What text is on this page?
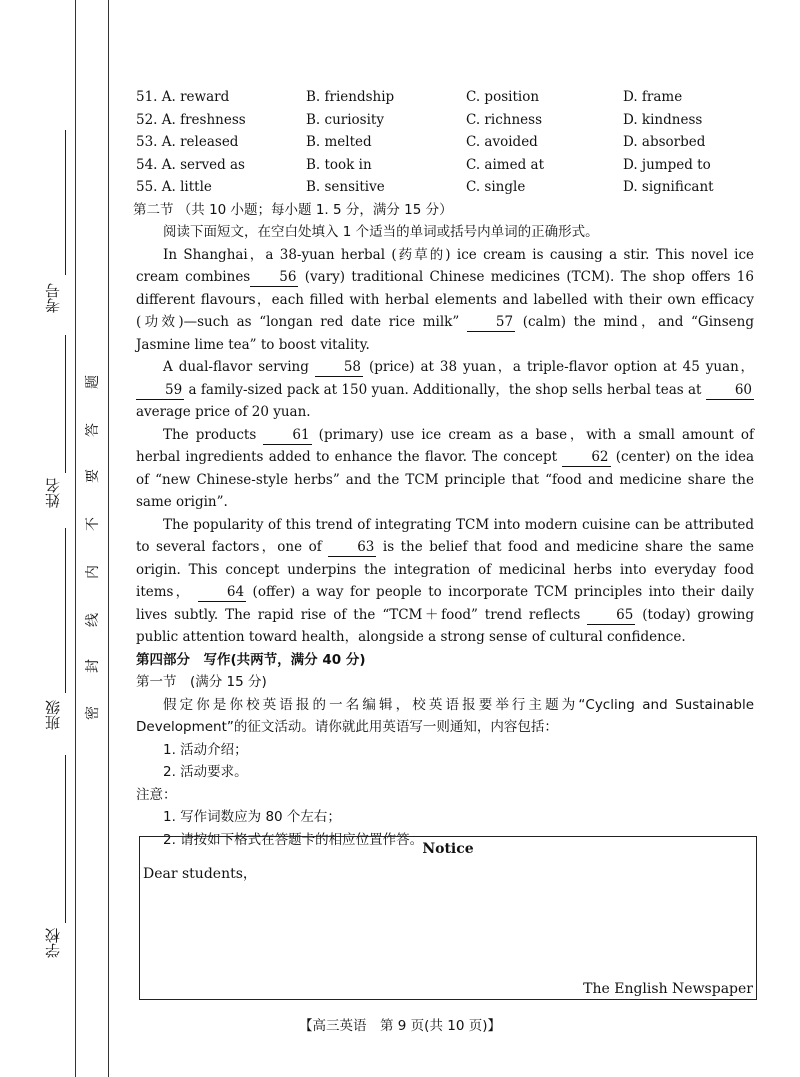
考号
姓名
班级
学校
题
答
要
不
内
线
封
密
51. A. reward	B. friendship	C. position	D. frame
52. A. freshness	B. curiosity	C. richness	D. kindness
53. A. released	B. melted	C. avoided	D. absorbed
54. A. served as	B. took in	C. aimed at	D. jumped to
55. A. little	B. sensitive	C. single	D. significant

第二节 （共 10 小题；每小题 1. 5 分，满分 15 分）

阅读下面短文，在空白处填入 1 个适当的单词或括号内单词的正确形式。

In Shanghai，a 38-yuan herbal (药草的) ice cream is causing a stir. This novel ice cream combines 56 (vary) traditional Chinese medicines (TCM). The shop offers 16 different flavours，each filled with herbal elements and labelled with their own efficacy (功效)—such as “longan red date rice milk”	57 (calm) the mind，and “Ginseng Jasmine lime tea” to boost vitality.

A dual-flavor serving	58 (price) at 38 yuan，a triple-flavor option at 45 yuan，59 a family-sized pack at 150 yuan. Additionally，the shop sells herbal teas at 60 average price of 20 yuan.

The products	61 (primary) use ice cream as a base，with a small amount of herbal ingredients added to enhance the flavor. The concept	62 (center) on the idea of “new Chinese-style herbs” and the TCM principle that “food and medicine share the same origin”.

The popularity of this trend of integrating TCM into modern cuisine can be attributed to several factors，one of	63 is the belief that food and medicine share the same origin. This concept underpins the integration of medicinal herbs into everyday food items，	64 (offer) a way for people to incorporate TCM principles into their daily lives subtly. The rapid rise of the “TCM＋food” trend reflects	65 (today) growing public attention toward health，alongside a strong sense of cultural confidence.

第四部分　写作(共两节，满分 40 分)

第一节　(满分 15 分)

假定你是你校英语报的一名编辑，校英语报要举行主题为“Cycling and Sustainable Development”的征文活动。请你就此用英语写一则通知，内容包括：

1. 活动介绍；

2. 活动要求。

注意：

1. 写作词数应为 80 个左右；

2. 请按如下格式在答题卡的相应位置作答。

Notice
Dear students，
The English Newspaper
【高三英语　第 9 页(共 10 页)】
